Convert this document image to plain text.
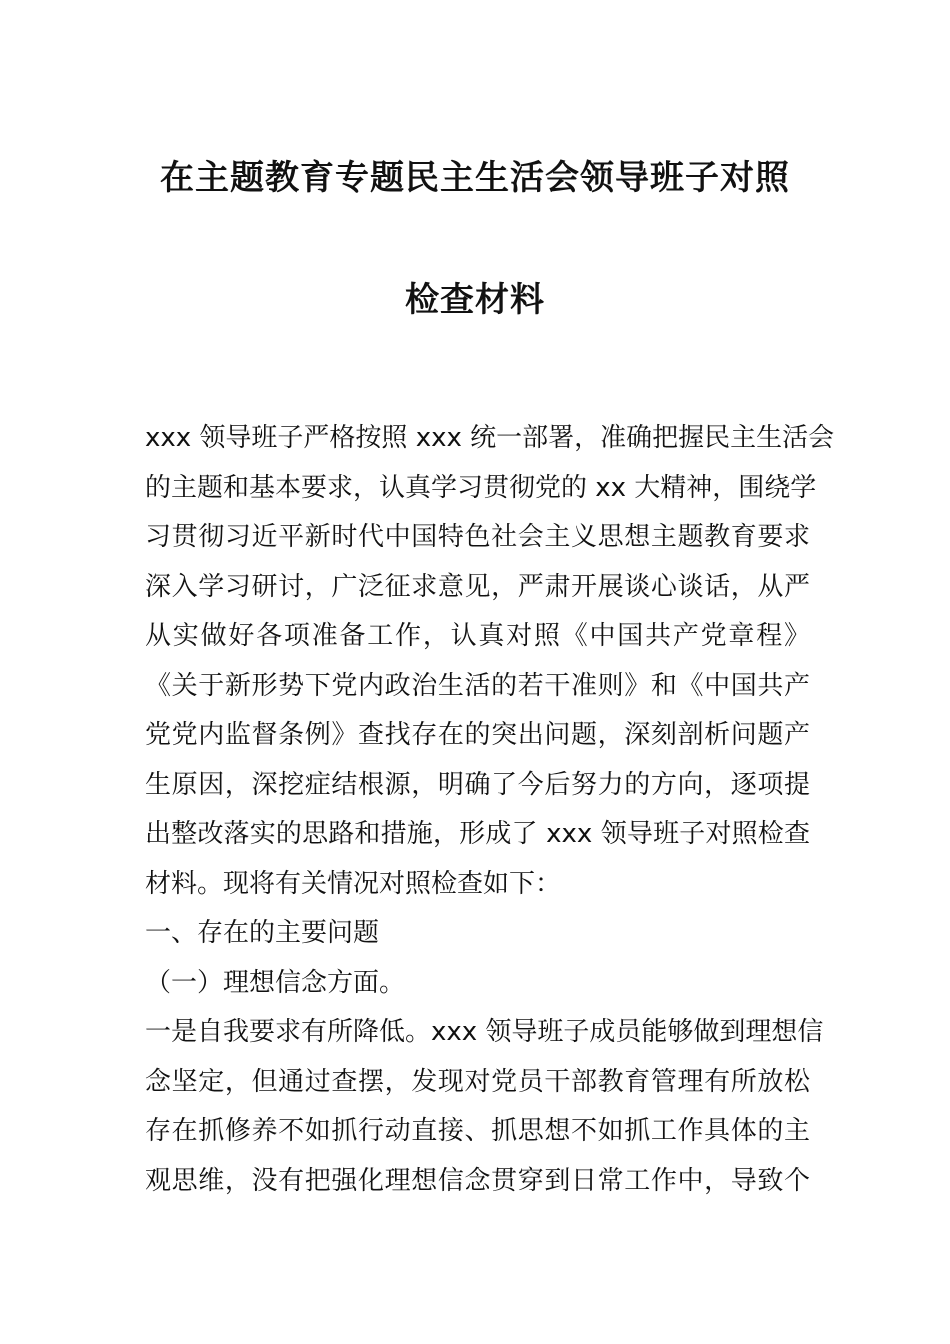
在主题教育专题民主生活会领导班子对照
检查材料
xxx 领导班子严格按照 xxx 统一部署，准确把握民主生活会
的主题和基本要求，认真学习贯彻党的 xx 大精神，围绕学
习贯彻习近平新时代中国特色社会主义思想主题教育要求
深入学习研讨，广泛征求意见，严肃开展谈心谈话，从严
从实做好各项准备工作，认真对照《中国共产党章程》
《关于新形势下党内政治生活的若干准则》和《中国共产
党党内监督条例》查找存在的突出问题，深刻剖析问题产
生原因，深挖症结根源，明确了今后努力的方向，逐项提
出整改落实的思路和措施，形成了 xxx 领导班子对照检查
材料。现将有关情况对照检查如下：
一、存在的主要问题
（一）理想信念方面。
一是自我要求有所降低。xxx 领导班子成员能够做到理想信
念坚定，但通过查摆，发现对党员干部教育管理有所放松
存在抓修养不如抓行动直接、抓思想不如抓工作具体的主
观思维，没有把强化理想信念贯穿到日常工作中，导致个
